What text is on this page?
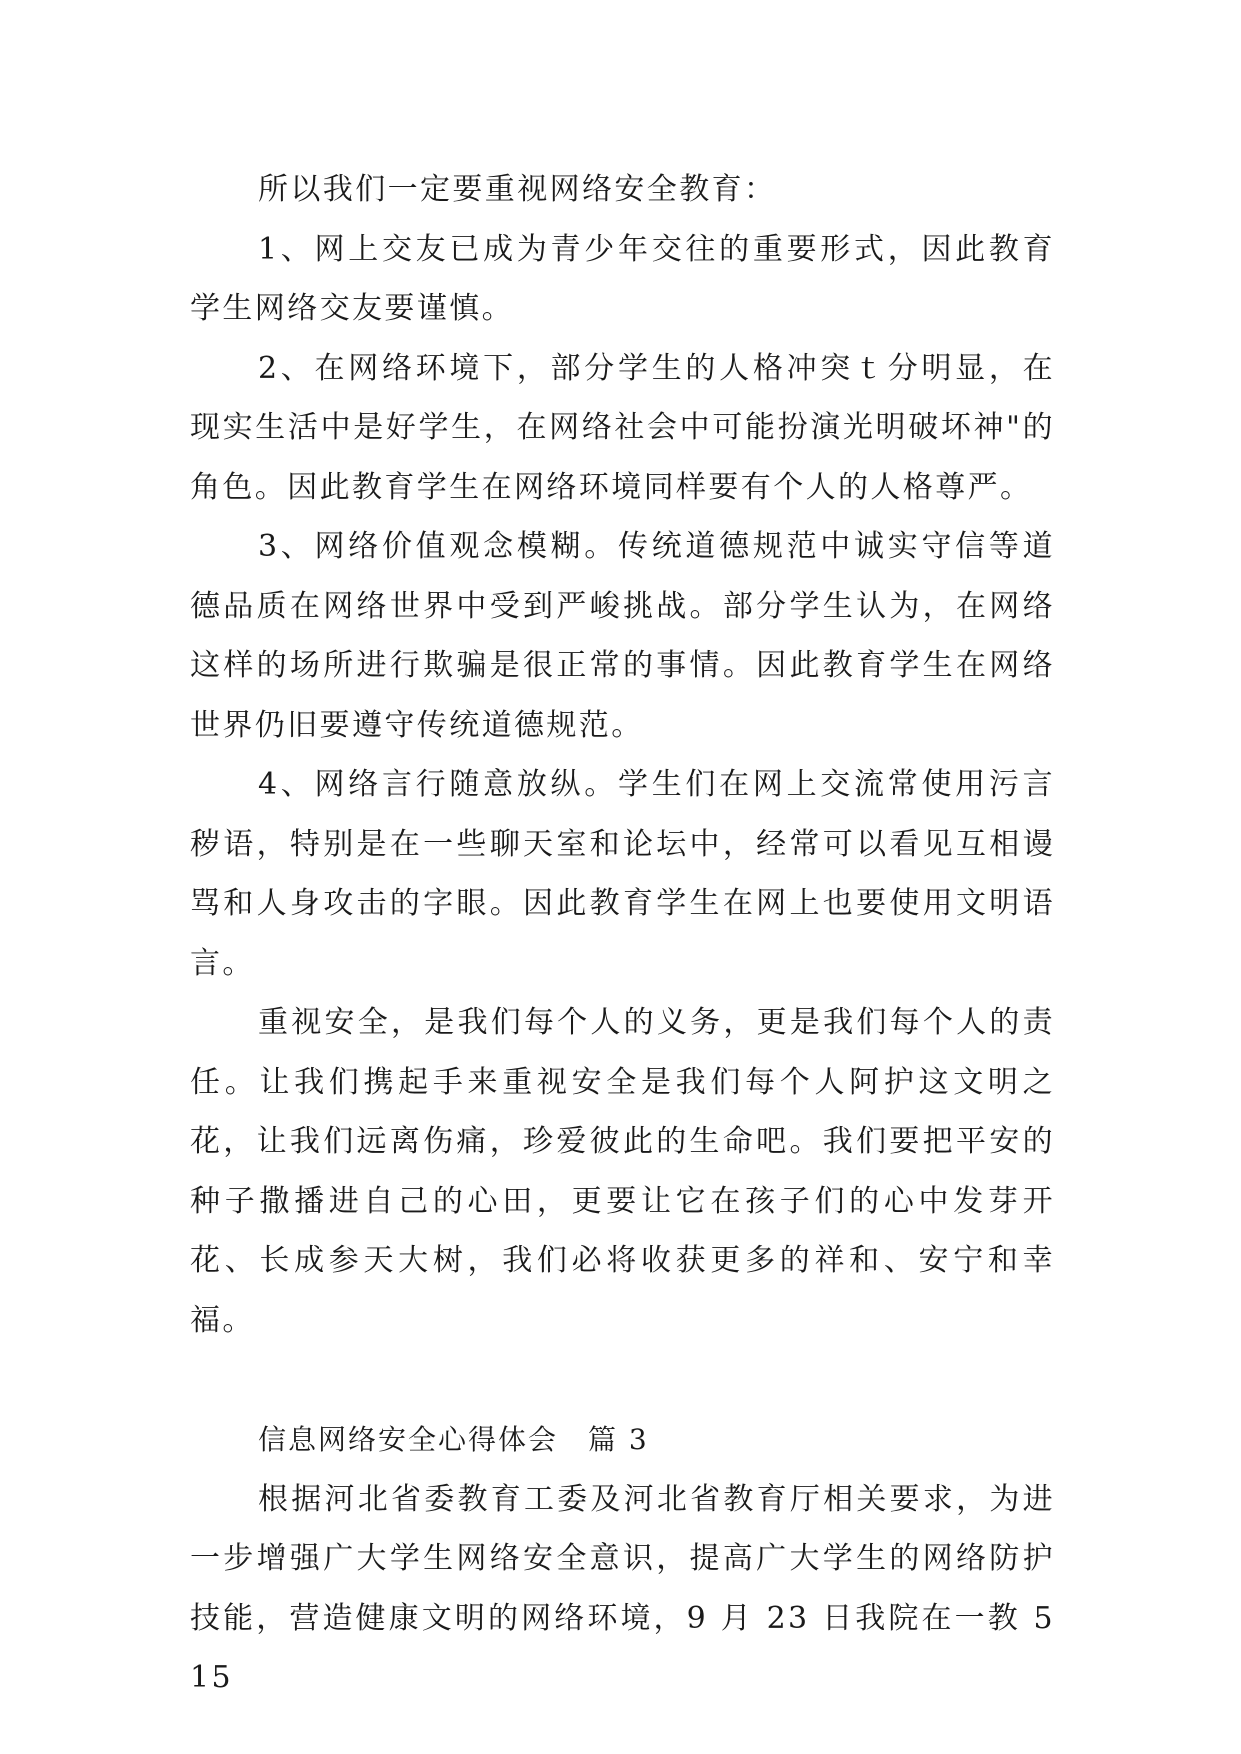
所以我们一定要重视网络安全教育：

1、网上交友已成为青少年交往的重要形式，因此教育学生网络交友要谨慎。

2、在网络环境下，部分学生的人格冲突ｔ分明显，在现实生活中是好学生，在网络社会中可能扮演光明破坏神"的角色。因此教育学生在网络环境同样要有个人的人格尊严。

3、网络价值观念模糊。传统道德规范中诚实守信等道德品质在网络世界中受到严峻挑战。部分学生认为，在网络这样的场所进行欺骗是很正常的事情。因此教育学生在网络世界仍旧要遵守传统道德规范。

4、网络言行随意放纵。学生们在网上交流常使用污言秽语，特别是在一些聊天室和论坛中，经常可以看见互相谩骂和人身攻击的字眼。因此教育学生在网上也要使用文明语言。

重视安全，是我们每个人的义务，更是我们每个人的责任。让我们携起手来重视安全是我们每个人阿护这文明之花，让我们远离伤痛，珍爱彼此的生命吧。我们要把平安的种子撒播进自己的心田，更要让它在孩子们的心中发芽开花、长成参天大树，我们必将收获更多的祥和、安宁和幸福。

信息网络安全心得体会　篇 3

根据河北省委教育工委及河北省教育厅相关要求，为进一步增强广大学生网络安全意识，提高广大学生的网络防护技能，营造健康文明的网络环境，9 月 23 日我院在一教 515
